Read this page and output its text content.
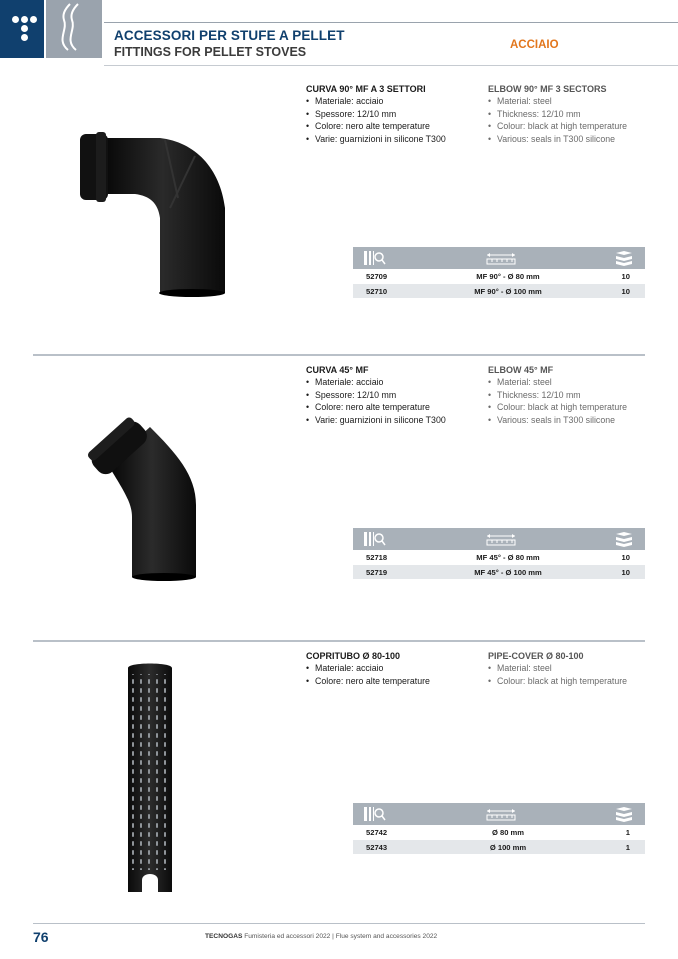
ACCESSORI PER STUFE A PELLET
FITTINGS FOR PELLET STOVES	ACCIAIO
CURVA 90° MF A 3 SETTORI
• Materiale: acciaio
• Spessore: 12/10 mm
• Colore: nero alte temperature
• Varie: guarnizioni in silicone T300
ELBOW 90° MF 3 SECTORS
• Material: steel
• Thickness: 12/10 mm
• Colour: black at high temperature
• Various: seals in T300 silicone
52709	MF 90° - Ø 80 mm	10
52710	MF 90° - Ø 100 mm	10
CURVA 45° MF
• Materiale: acciaio
• Spessore: 12/10 mm
• Colore: nero alte temperature
• Varie: guarnizioni in silicone T300
ELBOW 45° MF
• Material: steel
• Thickness: 12/10 mm
• Colour: black at high temperature
• Various: seals in T300 silicone
52718	MF 45° - Ø 80 mm	10
52719	MF 45° - Ø 100 mm	10
COPRITUBO Ø 80-100
• Materiale: acciaio
• Colore: nero alte temperature
PIPE-COVER Ø 80-100
• Material: steel
• Colour: black at high temperature
52742	Ø 80 mm	1
52743	Ø 100 mm	1
76	TECNOGAS Fumisteria ed accessori 2022 | Flue system and accessories 2022
